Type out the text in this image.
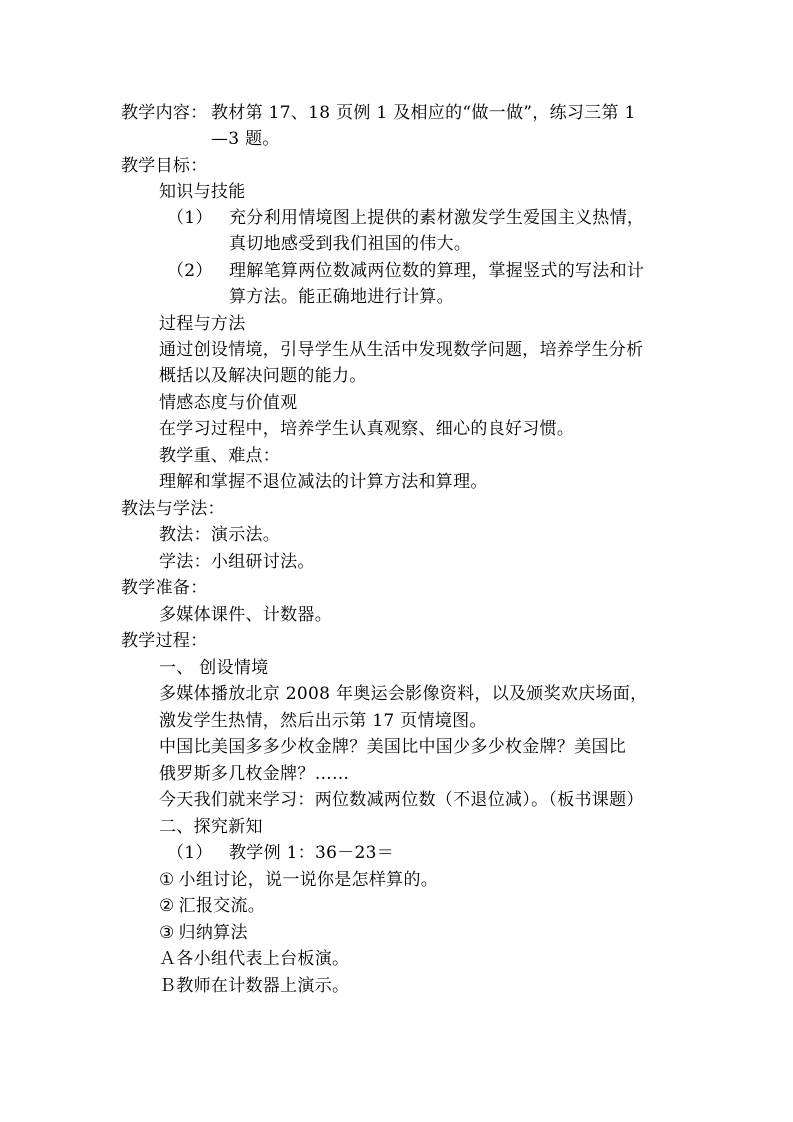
教学内容： 教材第 17、18 页例 1 及相应的“做一做”，练习三第 1
—3 题。
教学目标：
知识与技能
（1） 充分利用情境图上提供的素材激发学生爱国主义热情，
真切地感受到我们祖国的伟大。
（2） 理解笔算两位数减两位数的算理，掌握竖式的写法和计
算方法。能正确地进行计算。
过程与方法
通过创设情境，引导学生从生活中发现数学问题，培养学生分析
概括以及解决问题的能力。
情感态度与价值观
在学习过程中，培养学生认真观察、细心的良好习惯。
教学重、难点：
理解和掌握不退位减法的计算方法和算理。
教法与学法：
教法：演示法。
学法：小组研讨法。
教学准备：
多媒体课件、计数器。
教学过程：
一、 创设情境
多媒体播放北京 2008 年奥运会影像资料，以及颁奖欢庆场面，
激发学生热情，然后出示第 17 页情境图。
中国比美国多多少枚金牌？美国比中国少多少枚金牌？美国比
俄罗斯多几枚金牌？……
今天我们就来学习：两位数减两位数（不退位减）。（板书课题）
二、探究新知
（1） 教学例 1：36－23＝
① 小组讨论，说一说你是怎样算的。
② 汇报交流。
③ 归纳算法
Ａ各小组代表上台板演。
Ｂ教师在计数器上演示。
